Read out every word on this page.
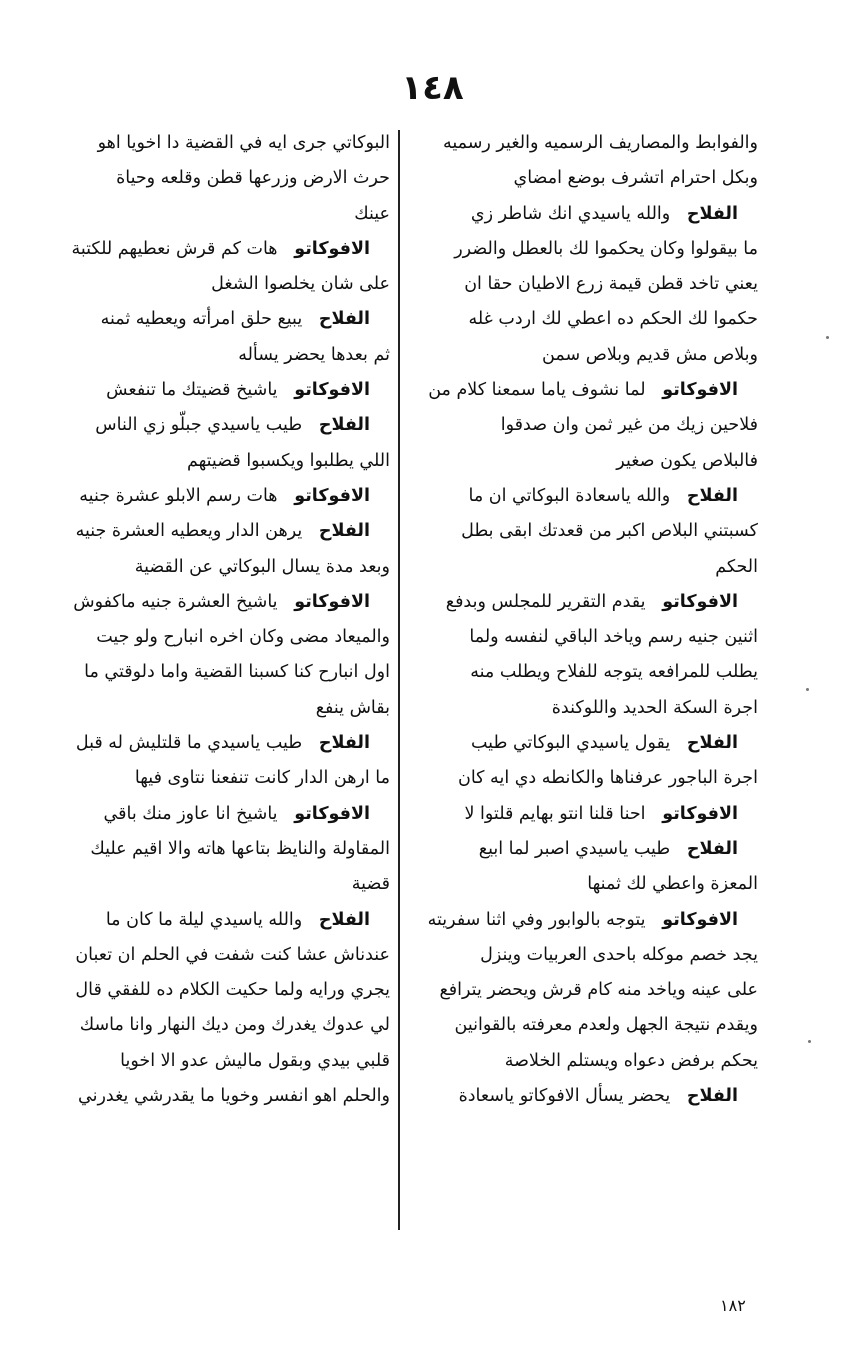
١٤٨
والفوابط والمصاريف الرسميه والغير رسميه
وبكل احترام اتشرف بوضع امضاي
الفلاح   والله ياسيدي انك شاطر زي
ما بيقولوا وكان يحكموا لك بالعطل والضرر
يعني تاخد قطن قيمة زرع الاطيان حقا ان
حكموا لك الحكم ده اعطي لك اردب غله
وبلاص مش قديم وبلاص سمن
الافوكاتو   لما نشوف ياما سمعنا كلام من
فلاحين زيك من غير ثمن وان صدقوا
فالبلاص يكون صغير
الفلاح   والله ياسعادة البوكاتي ان ما
كسبتني البلاص اكبر من قعدتك ابقى بطل
الحكم
الافوكاتو   يقدم التقرير للمجلس وبدفع
اثنين جنيه رسم وياخد الباقي لنفسه ولما
يطلب للمرافعه يتوجه للفلاح ويطلب منه
اجرة السكة الحديد واللوكندة
الفلاح   يقول ياسيدي البوكاتي طيب
اجرة الباجور عرفناها والكانطه دي ايه كان
الافوكاتو   احنا قلنا انتو بهايم قلتوا لا
الفلاح   طيب ياسيدي اصبر لما ابيع
المعزة واعطي لك ثمنها
الافوكاتو   يتوجه بالوابور وفي اثنا سفريته
يجد خصم موكله باحدى العربيات وينزل
على عينه وياخد منه كام قرش ويحضر يترافع
ويقدم نتيجة الجهل ولعدم معرفته بالقوانين
يحكم برفض دعواه ويستلم الخلاصة
الفلاح   يحضر يسأل الافوكاتو ياسعادة
البوكاتي جرى ايه في القضية دا اخويا اهو
حرث الارض وزرعها قطن وقلعه وحياة
عينك
الافوكاتو   هات كم قرش نعطيهم للكتبة
على شان يخلصوا الشغل
الفلاح   يبيع حلق امرأته ويعطيه ثمنه
ثم بعدها يحضر يسأله
الافوكاتو   ياشيخ قضيتك ما تنفعش
الفلاح   طيب ياسيدي جبلّو زي الناس
اللي يطلبوا ويكسبوا قضيتهم
الافوكاتو   هات رسم الابلو عشرة جنيه
الفلاح   يرهن الدار ويعطيه العشرة جنيه
وبعد مدة يسال البوكاتي عن القضية
الافوكاتو   ياشيخ العشرة جنيه ماكفوش
والميعاد مضى وكان اخره انبارح ولو جيت
اول انبارح كنا كسبنا القضية واما دلوقتي ما
بقاش ينفع
الفلاح   طيب ياسيدي ما قلتليش له قبل
ما ارهن الدار كانت تنفعنا نتاوى فيها
الافوكاتو   ياشيخ انا عاوز منك باقي
المقاولة والنايظ بتاعها هاته والا اقيم عليك
قضية
الفلاح   والله ياسيدي ليلة ما كان ما
عندناش عشا كنت شفت في الحلم ان تعبان
يجري ورايه ولما حكيت الكلام ده للفقي قال
لي عدوك يغدرك ومن ديك النهار وانا ماسك
قلبي بيدي وبقول ماليش عدو الا اخويا
والحلم اهو انفسر وخويا ما يقدرشي يغدرني
١٨٢
